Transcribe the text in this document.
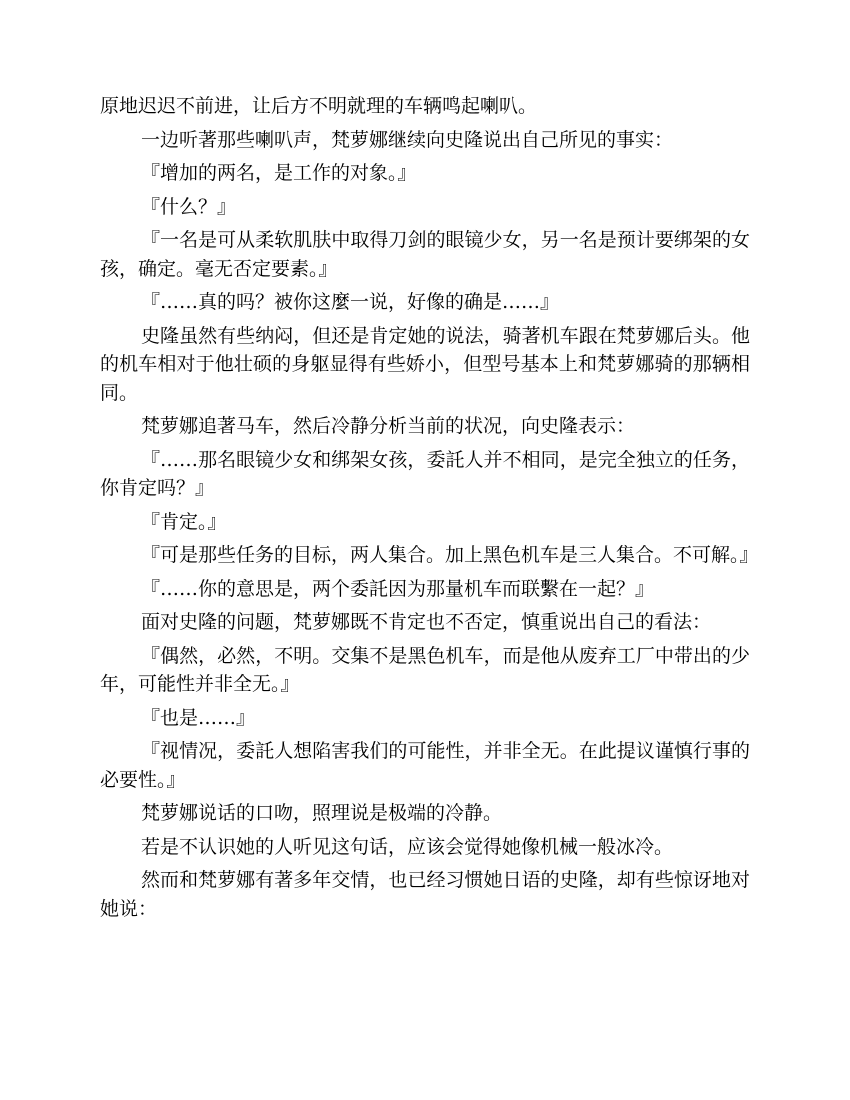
原地迟迟不前进，让后方不明就理的车辆鸣起喇叭。

一边听著那些喇叭声，梵萝娜继续向史隆说出自己所见的事实：

『增加的两名，是工作的对象。』

『什么？』

『一名是可从柔软肌肤中取得刀剑的眼镜少女，另一名是预计要绑架的女孩，确定。毫无否定要素。』

『……真的吗？被你这麼一说，好像的确是……』

史隆虽然有些纳闷，但还是肯定她的说法，骑著机车跟在梵萝娜后头。他的机车相对于他壮硕的身躯显得有些娇小，但型号基本上和梵萝娜骑的那辆相同。

梵萝娜追著马车，然后冷静分析当前的状况，向史隆表示：

『……那名眼镜少女和绑架女孩，委託人并不相同，是完全独立的任务，你肯定吗？』

『肯定。』

『可是那些任务的目标，两人集合。加上黑色机车是三人集合。不可解。』

『……你的意思是，两个委託因为那量机车而联繫在一起？』

面对史隆的问题，梵萝娜既不肯定也不否定，慎重说出自己的看法：

『偶然，必然，不明。交集不是黑色机车，而是他从废弃工厂中带出的少年，可能性并非全无。』

『也是……』

『视情况，委託人想陷害我们的可能性，并非全无。在此提议谨慎行事的必要性。』

梵萝娜说话的口吻，照理说是极端的冷静。

若是不认识她的人听见这句话，应该会觉得她像机械一般冰冷。

然而和梵萝娜有著多年交情，也已经习惯她日语的史隆，却有些惊讶地对她说：
